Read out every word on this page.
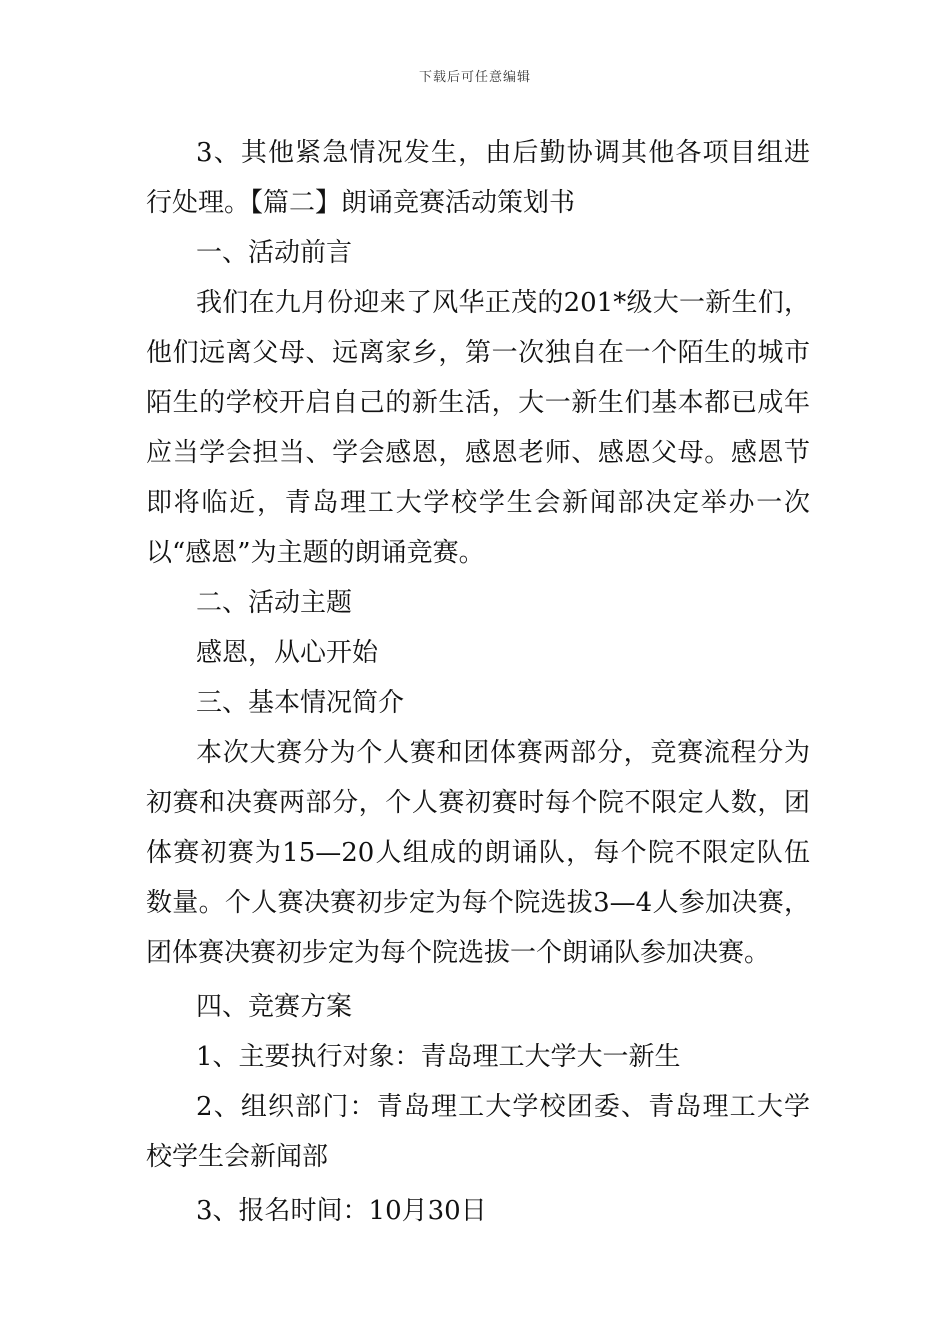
下载后可任意编辑

3、其他紧急情况发生，由后勤协调其他各项目组进行处理。【篇二】朗诵竞赛活动策划书

一、活动前言

我们在九月份迎来了风华正茂的201*级大一新生们，他们远离父母、远离家乡，第一次独自在一个陌生的城市陌生的学校开启自己的新生活，大一新生们基本都已成年应当学会担当、学会感恩，感恩老师、感恩父母。感恩节即将临近，青岛理工大学校学生会新闻部决定举办一次以“感恩”为主题的朗诵竞赛。

二、活动主题

感恩，从心开始

三、基本情况简介

本次大赛分为个人赛和团体赛两部分，竞赛流程分为初赛和决赛两部分，个人赛初赛时每个院不限定人数，团体赛初赛为15—20人组成的朗诵队，每个院不限定队伍数量。个人赛决赛初步定为每个院选拔3—4人参加决赛，团体赛决赛初步定为每个院选拔一个朗诵队参加决赛。

四、竞赛方案

1、主要执行对象：青岛理工大学大一新生

2、组织部门：青岛理工大学校团委、青岛理工大学校学生会新闻部

3、报名时间：10月30日
